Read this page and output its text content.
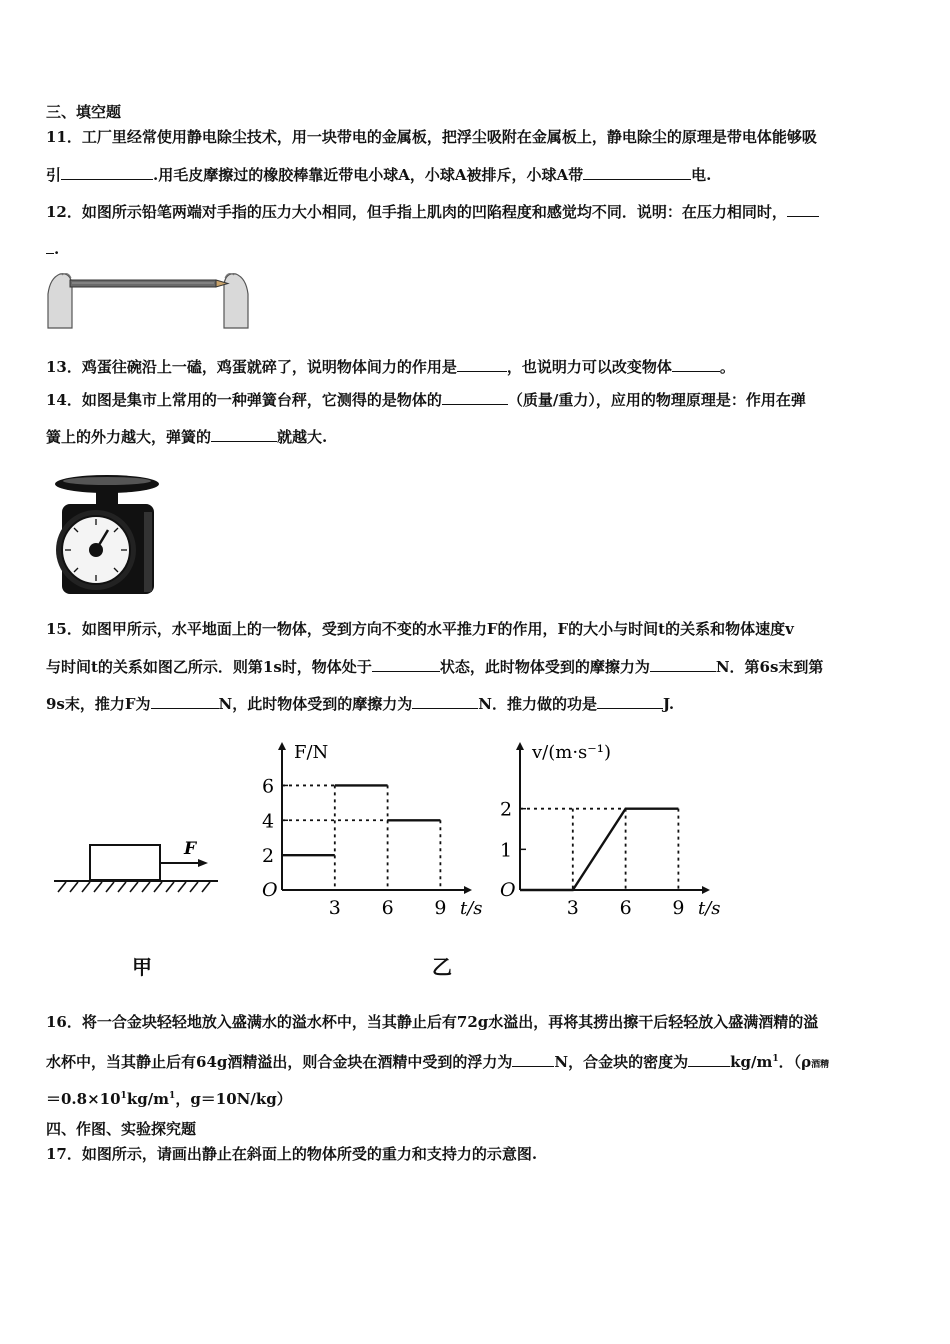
三、填空题
11．工厂里经常使用静电除尘技术，用一块带电的金属板，把浮尘吸附在金属板上，静电除尘的原理是带电体能够吸
引	.用毛皮摩擦过的橡胶棒靠近带电小球A，小球A被排斥，小球A带	电.
12．如图所示铅笔两端对手指的压力大小相同，但手指上肌肉的凹陷程度和感觉均不同．说明：在压力相同时，
.
13．鸡蛋往碗沿上一磕，鸡蛋就碎了，说明物体间力的作用是	，也说明力可以改变物体	。
14．如图是集市上常用的一种弹簧台秤，它测得的是物体的	（质量/重力），应用的物理原理是：作用在弹
簧上的外力越大，弹簧的	就越大.
15．如图甲所示，水平地面上的一物体，受到方向不变的水平推力F的作用，F的大小与时间t的关系和物体速度v
与时间t的关系如图乙所示．则第1s时，物体处于	状态，此时物体受到的摩擦力为	N．第6s末到第
9s末，推力F为	N，此时物体受到的摩擦力为	N．推力做的功是	J.
F
O
F/N
t/s
3 6 9
2
4
6
O
v/(m·s⁻¹)
t/s
3 6 9
1
2
甲	乙
16．将一合金块轻轻地放入盛满水的溢水杯中，当其静止后有72g水溢出，再将其捞出擦干后轻轻放入盛满酒精的溢
水杯中，当其静止后有64g酒精溢出，则合金块在酒精中受到的浮力为	N，合金块的密度为	$kg/m^1$．（ρ酒精
$=0.8\times 10^1kg/m^1$，g＝10N/kg）
四、作图、实验探究题
17．如图所示，请画出静止在斜面上的物体所受的重力和支持力的示意图.
